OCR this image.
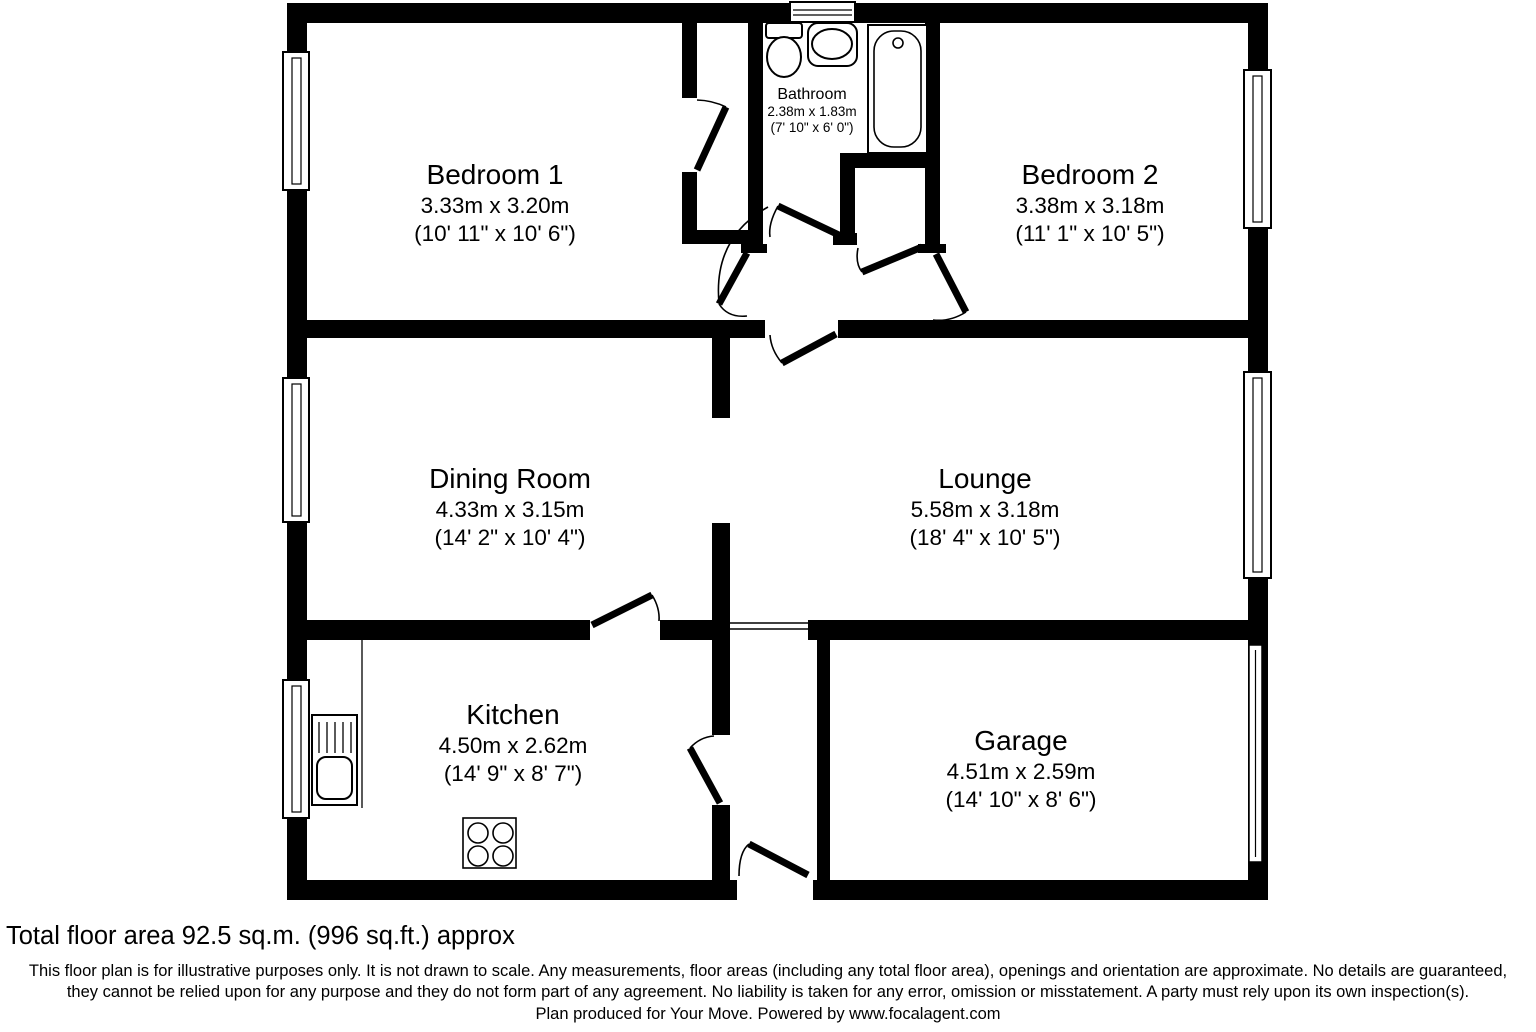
Bedroom 1
3.33m x 3.20m
(10' 11" x 10' 6")
Bathroom
2.38m x 1.83m
(7' 10" x 6' 0")
Bedroom 2
3.38m x 3.18m
(11' 1" x 10' 5")
Dining Room
4.33m x 3.15m
(14' 2" x 10' 4")
Lounge
5.58m x 3.18m
(18' 4" x 10' 5")
Kitchen
4.50m x 2.62m
(14' 9" x 8' 7")
Garage
4.51m x 2.59m
(14' 10" x 8' 6")
Total floor area 92.5 sq.m. (996 sq.ft.) approx
This floor plan is for illustrative purposes only. It is not drawn to scale. Any measurements, floor areas (including any total floor area), openings and orientation are approximate. No details are guaranteed,
they cannot be relied upon for any purpose and they do not form part of any agreement. No liability is taken for any error, omission or misstatement. A party must rely upon its own inspection(s).
Plan produced for Your Move. Powered by www.focalagent.com
